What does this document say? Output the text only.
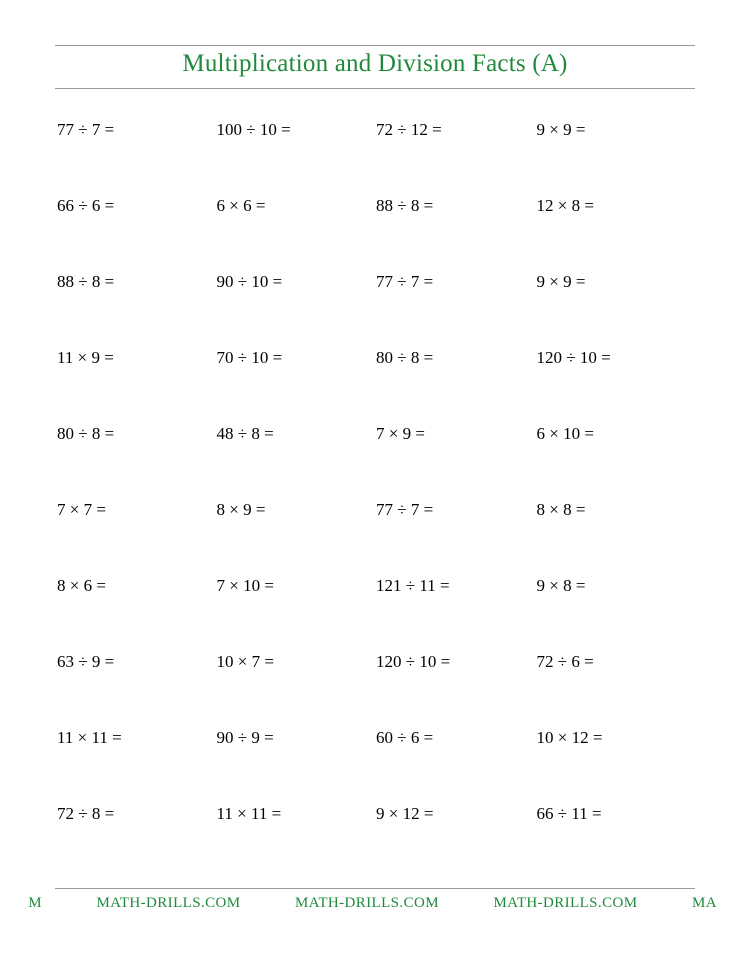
Multiplication and Division Facts (A)
77 ÷ 7 =	100 ÷ 10 =	72 ÷ 12 =	9 × 9 =
66 ÷ 6 =	6 × 6 =	88 ÷ 8 =	12 × 8 =
88 ÷ 8 =	90 ÷ 10 =	77 ÷ 7 =	9 × 9 =
11 × 9 =	70 ÷ 10 =	80 ÷ 8 =	120 ÷ 10 =
80 ÷ 8 =	48 ÷ 8 =	7 × 9 =	6 × 10 =
7 × 7 =	8 × 9 =	77 ÷ 7 =	8 × 8 =
8 × 6 =	7 × 10 =	121 ÷ 11 =	9 × 8 =
63 ÷ 9 =	10 × 7 =	120 ÷ 10 =	72 ÷ 6 =
11 × 11 =	90 ÷ 9 =	60 ÷ 6 =	10 × 12 =
72 ÷ 8 =	11 × 11 =	9 × 12 =	66 ÷ 11 =
M	MATH-DRILLS.COM	MATH-DRILLS.COM	MATH-DRILLS.COM	MA
